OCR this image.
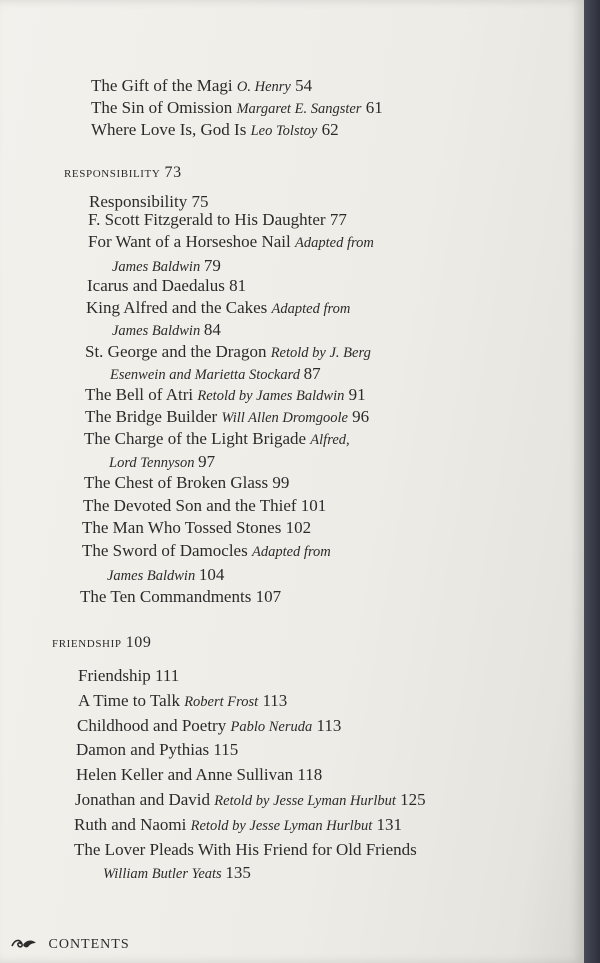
The Gift of the Magi O. Henry 54
The Sin of Omission Margaret E. Sangster 61
Where Love Is, God Is Leo Tolstoy 62
responsibility 73
Responsibility 75
F. Scott Fitzgerald to His Daughter 77
For Want of a Horseshoe Nail Adapted from
James Baldwin 79
Icarus and Daedalus 81
King Alfred and the Cakes Adapted from
James Baldwin 84
St. George and the Dragon Retold by J. Berg
Esenwein and Marietta Stockard 87
The Bell of Atri Retold by James Baldwin 91
The Bridge Builder Will Allen Dromgoole 96
The Charge of the Light Brigade Alfred,
Lord Tennyson 97
The Chest of Broken Glass 99
The Devoted Son and the Thief 101
The Man Who Tossed Stones 102
The Sword of Damocles Adapted from
James Baldwin 104
The Ten Commandments 107
friendship 109
Friendship 111
A Time to Talk Robert Frost 113
Childhood and Poetry Pablo Neruda 113
Damon and Pythias 115
Helen Keller and Anne Sullivan 118
Jonathan and David Retold by Jesse Lyman Hurlbut 125
Ruth and Naomi Retold by Jesse Lyman Hurlbut 131
The Lover Pleads With His Friend for Old Friends
William Butler Yeats 135
CONTENTS
